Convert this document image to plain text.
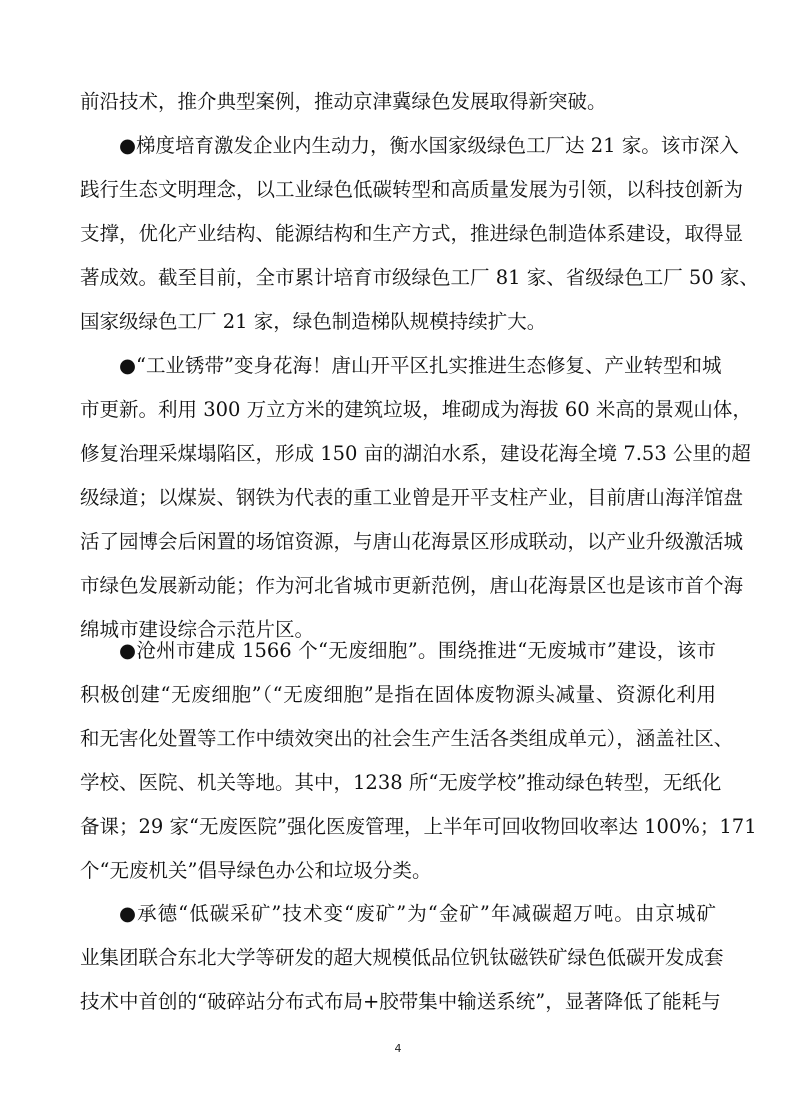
前沿技术，推介典型案例，推动京津冀绿色发展取得新突破。
●梯度培育激发企业内生动力，衡水国家级绿色工厂达 21 家。该市深入
践行生态文明理念，以工业绿色低碳转型和高质量发展为引领，以科技创新为
支撑，优化产业结构、能源结构和生产方式，推进绿色制造体系建设，取得显
著成效。截至目前，全市累计培育市级绿色工厂 81 家、省级绿色工厂 50 家、
国家级绿色工厂 21 家，绿色制造梯队规模持续扩大。
●“工业锈带”变身花海！唐山开平区扎实推进生态修复、产业转型和城
市更新。利用 300 万立方米的建筑垃圾，堆砌成为海拔 60 米高的景观山体，
修复治理采煤塌陷区，形成 150 亩的湖泊水系，建设花海全境 7.53 公里的超
级绿道；以煤炭、钢铁为代表的重工业曾是开平支柱产业，目前唐山海洋馆盘
活了园博会后闲置的场馆资源，与唐山花海景区形成联动，以产业升级激活城
市绿色发展新动能；作为河北省城市更新范例，唐山花海景区也是该市首个海
绵城市建设综合示范片区。
●沧州市建成 1566 个“无废细胞”。围绕推进“无废城市”建设，该市
积极创建“无废细胞”（“无废细胞”是指在固体废物源头减量、资源化利用
和无害化处置等工作中绩效突出的社会生产生活各类组成单元），涵盖社区、
学校、医院、机关等地。其中，1238 所“无废学校”推动绿色转型，无纸化
备课；29 家“无废医院”强化医废管理，上半年可回收物回收率达 100%；171
个“无废机关”倡导绿色办公和垃圾分类。
●承德“低碳采矿”技术变“废矿”为“金矿”年减碳超万吨。由京城矿
业集团联合东北大学等研发的超大规模低品位钒钛磁铁矿绿色低碳开发成套
技术中首创的“破碎站分布式布局+胶带集中输送系统”，显著降低了能耗与
4
